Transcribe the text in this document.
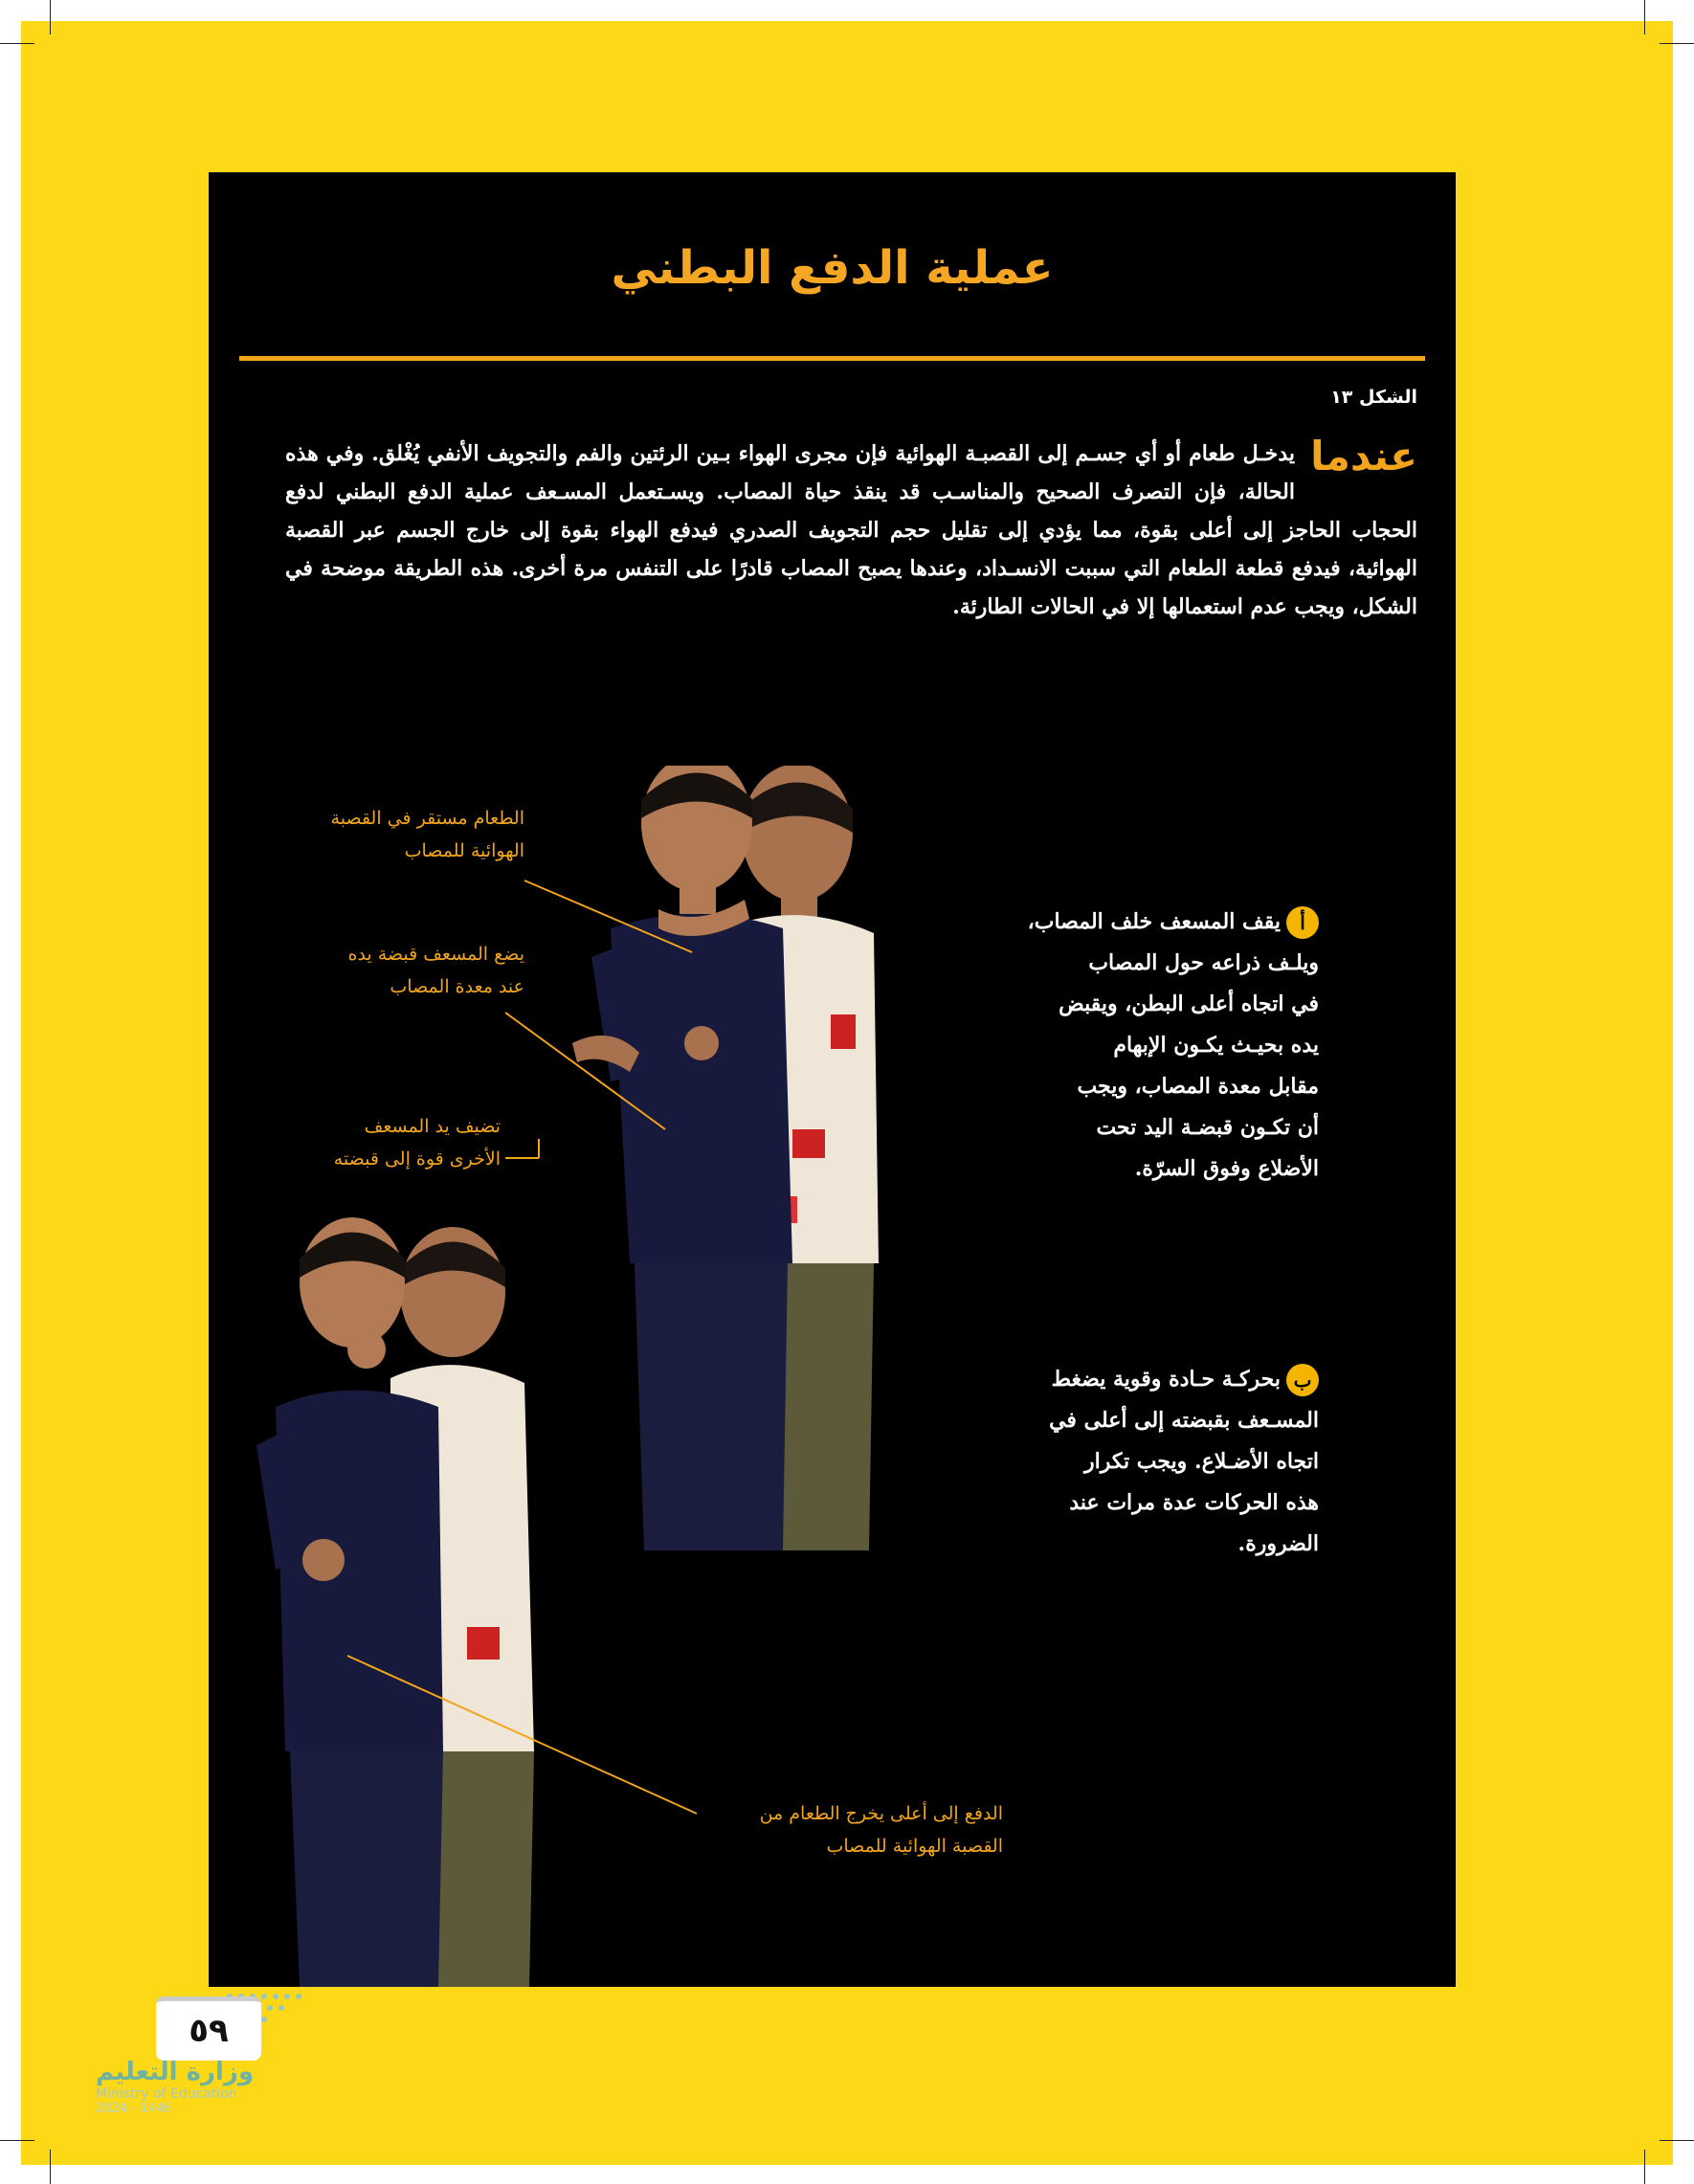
عملية الدفع البطني
الشكل ١٣
عندما
يدخـل طعام أو أي جسـم إلى القصبـة الهوائية فإن مجرى الهواء بـين الرئتين والفم والتجويف الأنفي يُغْلق. وفي هذه الحالة، فإن التصرف الصحيح والمناسـب قد ينقذ حياة المصاب. ويسـتعمل المسـعف عملية الدفع البطني لدفع الحجاب الحاجز إلى أعلى بقوة، مما يؤدي إلى تقليل حجم التجويف الصدري فيدفع الهواء بقوة إلى خارج الجسم عبر القصبة الهوائية، فيدفع قطعة الطعام التي سببت الانسـداد، وعندها يصبح المصاب قادرًا على التنفس مرة أخرى. هذه الطريقة موضحة في الشكل، ويجب عدم استعمالها إلا في الحالات الطارئة.
الطعام مستقر في القصبة
الهوائية للمصاب
يضع المسعف قبضة يده
عند معدة المصاب
تضيف يد المسعف
الأخرى قوة إلى قبضته
الدفع إلى أعلى يخرج الطعام من
القصبة الهوائية للمصاب
أيقف المسعف خلف المصاب،
ويلـف ذراعه حول المصاب
في اتجاه أعلى البطن، ويقبض
يده بحيـث يكـون الإبهام
مقابل معدة المصاب، ويجب
أن تكـون قبضـة اليد تحت
الأضلاع وفوق السرّة.
ببحركـة حـادة وقوية يضغط
المسـعف بقبضته إلى أعلى في
اتجاه الأضـلاع. ويجب تكرار
هذه الحركات عدة مرات عند
الضرورة.
٥٩
وزارة التعليم
Ministry of Education
2024 - 1446
